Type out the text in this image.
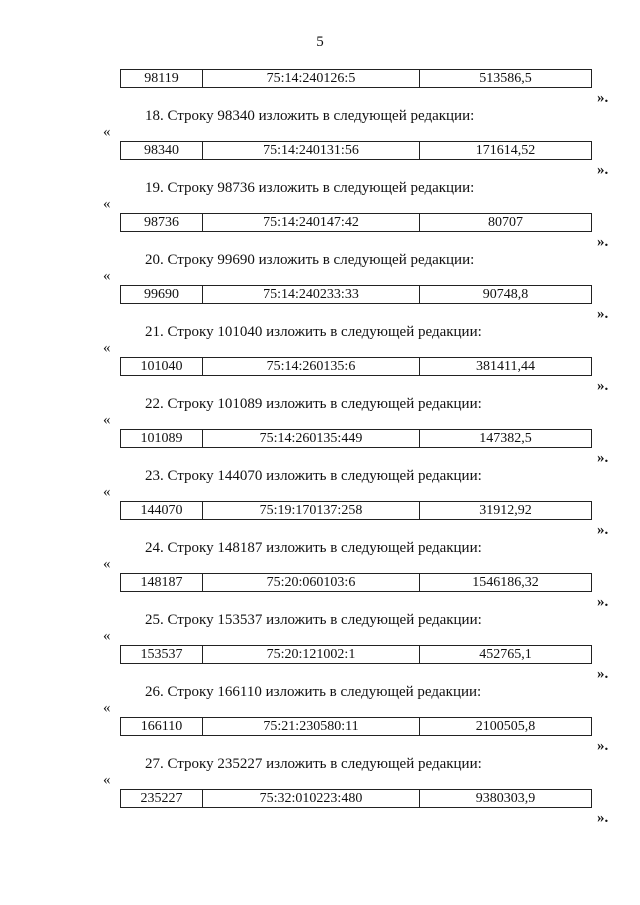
5
98119	75:14:240126:5	513586,5
».
18. Строку 98340 изложить в следующей редакции:
«
98340	75:14:240131:56	171614,52
».
19. Строку 98736 изложить в следующей редакции:
«
98736	75:14:240147:42	80707
».
20. Строку 99690 изложить в следующей редакции:
«
99690	75:14:240233:33	90748,8
».
21. Строку 101040 изложить в следующей редакции:
«
101040	75:14:260135:6	381411,44
».
22. Строку 101089 изложить в следующей редакции:
«
101089	75:14:260135:449	147382,5
».
23. Строку 144070 изложить в следующей редакции:
«
144070	75:19:170137:258	31912,92
».
24. Строку 148187 изложить в следующей редакции:
«
148187	75:20:060103:6	1546186,32
».
25. Строку 153537 изложить в следующей редакции:
«
153537	75:20:121002:1	452765,1
».
26. Строку 166110 изложить в следующей редакции:
«
166110	75:21:230580:11	2100505,8
».
27. Строку 235227 изложить в следующей редакции:
«
235227	75:32:010223:480	9380303,9
».
